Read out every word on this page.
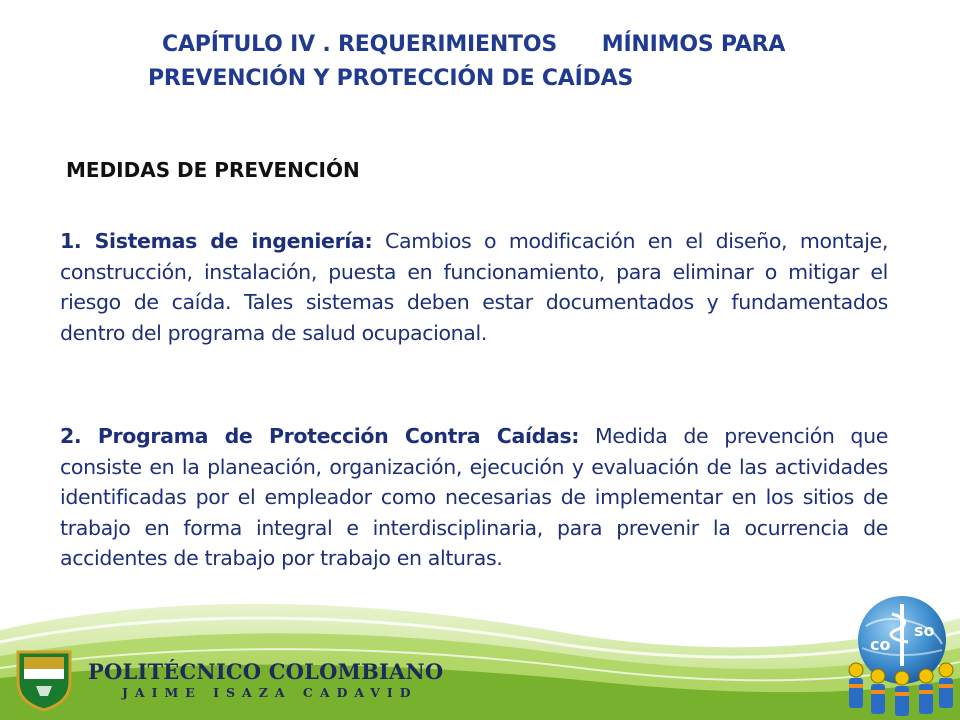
CAPÍTULO IV . REQUERIMIENTOS      MÍNIMOS PARA
PREVENCIÓN Y PROTECCIÓN DE CAÍDAS
MEDIDAS DE PREVENCIÓN
1. Sistemas de ingeniería: Cambios o modificación en el diseño, montaje, construcción, instalación, puesta en funcionamiento, para eliminar o mitigar el riesgo de caída. Tales sistemas deben estar documentados y fundamentados dentro del programa de salud ocupacional.
2. Programa de Protección Contra Caídas: Medida de prevención que consiste en la planeación, organización, ejecución y evaluación de las actividades identificadas por el empleador como necesarias de implementar en los sitios de trabajo en forma integral e interdisciplinaria, para prevenir la ocurrencia de accidentes de trabajo por trabajo en alturas.
POLITÉCNICO COLOMBIANO
JAIME ISAZA CADAVID
co
so
